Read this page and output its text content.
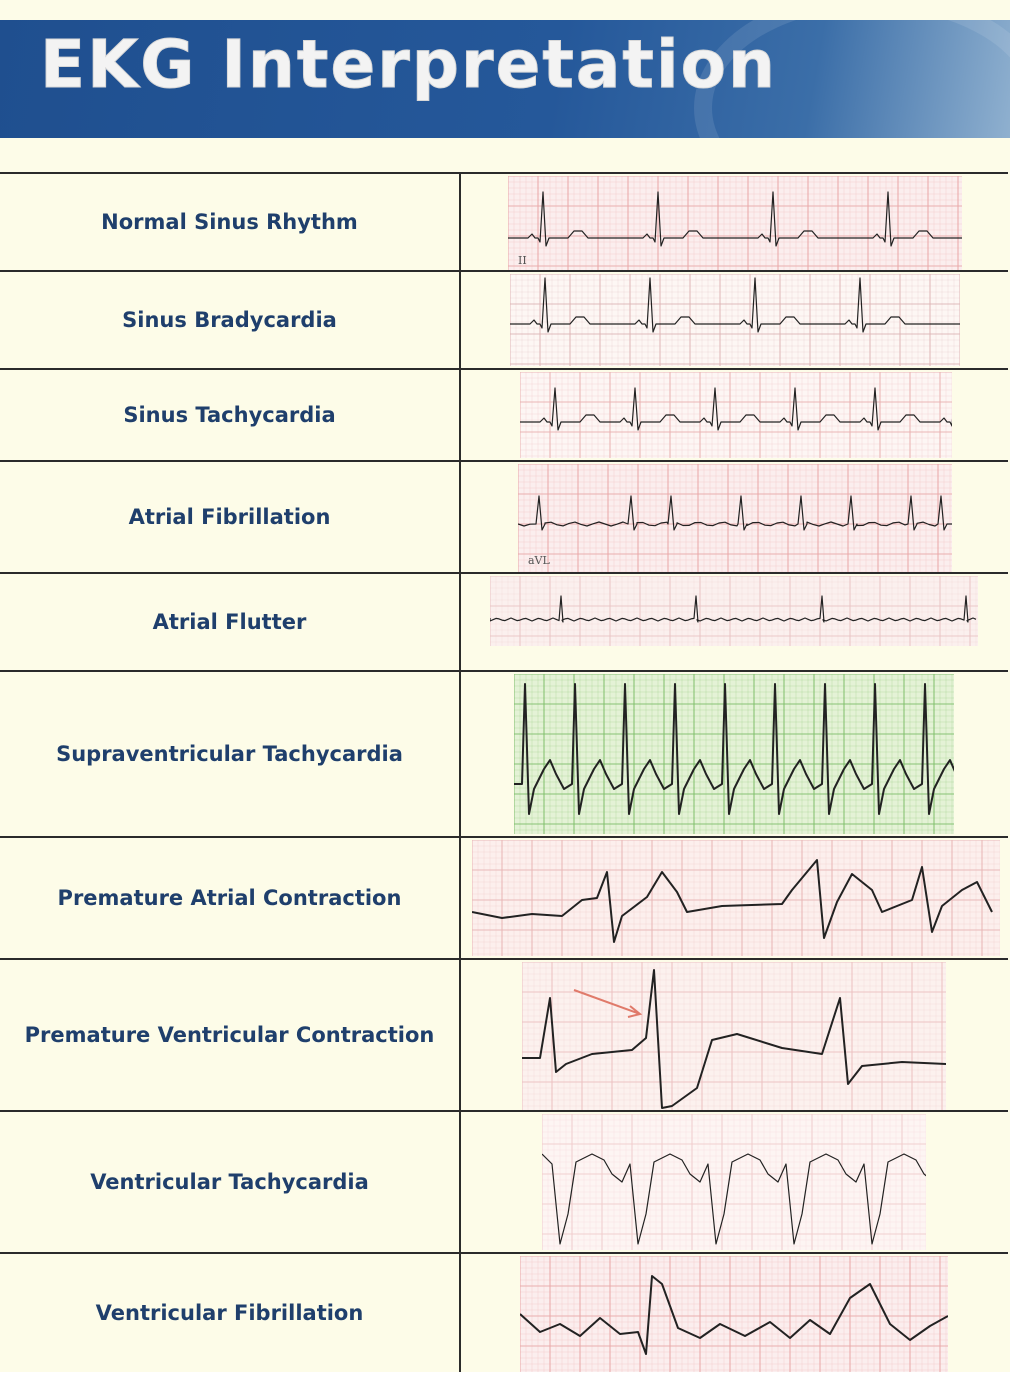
EKG Interpretation
Normal Sinus Rhythm
II
Sinus Bradycardia
Sinus Tachycardia
Atrial Fibrillation
aVL
Atrial Flutter
Supraventricular Tachycardia
Premature Atrial Contraction
Premature Ventricular Contraction
Ventricular Tachycardia
Ventricular Fibrillation
